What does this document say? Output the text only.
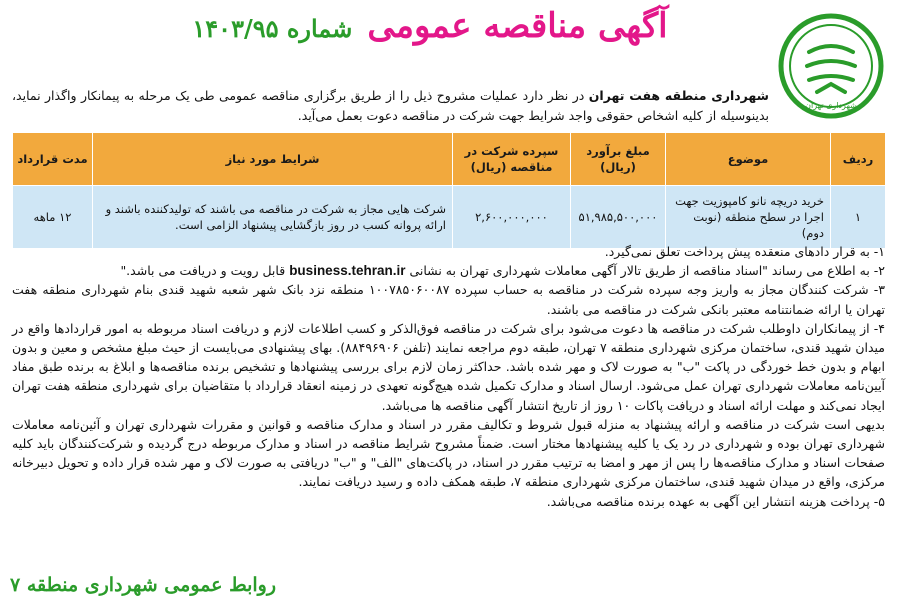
شهرداری تهران
آگهی مناقصه عمومی شماره ۱۴۰۳/۹۵
شهرداری منطقه هفت تهران در نظر دارد عملیات مشروح ذیل را از طریق برگزاری مناقصه عمومی طی یک مرحله به پیمانکار واگذار نماید، بدینوسیله از کلیه اشخاص حقوقی واجد شرایط جهت شرکت در مناقصه دعوت بعمل می‌آید.
ردیف	موضوع	مبلغ برآورد (ریال)	سپرده شرکت در مناقصه (ریال)	شرایط مورد نیاز	مدت قرارداد
۱	خرید دریچه نانو کامپوزیت جهت اجرا در سطح منطقه (نوبت دوم)	۵۱,۹۸۵,۵۰۰,۰۰۰	۲,۶۰۰,۰۰۰,۰۰۰	شرکت هایی مجاز به شرکت در مناقصه می باشند که تولیدکننده باشند و ارائه پروانه کسب در روز بازگشایی پیشنهاد الزامی است.	۱۲ ماهه

۱- به قرار دادهای منعقده پیش پرداخت تعلق نمی‌گیرد.

۲- به اطلاع می رساند "اسناد مناقصه از طریق تالار آگهی معاملات شهرداری تهران به نشانی business.tehran.ir قابل رویت و دریافت می باشد."

۳- شرکت کنندگان مجاز به واریز وجه سپرده شرکت در مناقصه به حساب سپرده ۱۰۰۷۸۵۰۶۰۰۸۷ منطقه نزد بانک شهر شعبه شهید قندی بنام شهرداری منطقه هفت تهران یا ارائه ضمانتنامه معتبر بانکی شرکت در مناقصه می باشند.

۴- از پیمانکاران داوطلب شرکت در مناقصه ها دعوت می‌شود برای شرکت در مناقصه فوق‌الذکر و کسب اطلاعات لازم و دریافت اسناد مربوطه به امور قراردادها واقع در میدان شهید قندی، ساختمان مرکزی شهرداری منطقه ۷ تهران، طبقه دوم مراجعه نمایند (تلفن ۸۸۴۹۶۹۰۶). بهای پیشنهادی می‌بایست از حیث مبلغ مشخص و معین و بدون ابهام و بدون خط خوردگی در پاکت "ب" به صورت لاک و مهر شده باشد. حداکثر زمان لازم برای بررسی پیشنهادها و تشخیص برنده مناقصه‌ها و ابلاغ به برنده طبق مفاد آیین‌نامه معاملات شهرداری تهران عمل می‌شود. ارسال اسناد و مدارک تکمیل شده هیچ‌گونه تعهدی در زمینه انعقاد قرارداد با متقاضیان برای شهرداری منطقه هفت تهران ایجاد نمی‌کند و مهلت ارائه اسناد و دریافت پاکات ۱۰ روز از تاریخ انتشار آگهی مناقصه ها می‌باشد.

بدیهی است شرکت در مناقصه و ارائه پیشنهاد به منزله قبول شروط و تکالیف مقرر در اسناد و مدارک مناقصه و قوانین و مقررات شهرداری تهران و آئین‌نامه معاملات شهرداری تهران بوده و شهرداری در رد یک یا کلیه پیشنهادها مختار است. ضمناً مشروح شرایط مناقصه در اسناد و مدارک مربوطه درج گردیده و شرکت‌کنندگان باید کلیه صفحات اسناد و مدارک مناقصه‌ها را پس از مهر و امضا به ترتیب مقرر در اسناد، در پاکت‌های "الف" و "ب" دریافتی به صورت لاک و مهر شده قرار داده و تحویل دبیرخانه مرکزی، واقع در میدان شهید قندی، ساختمان مرکزی شهرداری منطقه ۷، طبقه همکف داده و رسید دریافت نمایند.

۵- پرداخت هزینه انتشار این آگهی به عهده برنده مناقصه می‌باشد.

روابط عمومی شهرداری منطقه ۷
